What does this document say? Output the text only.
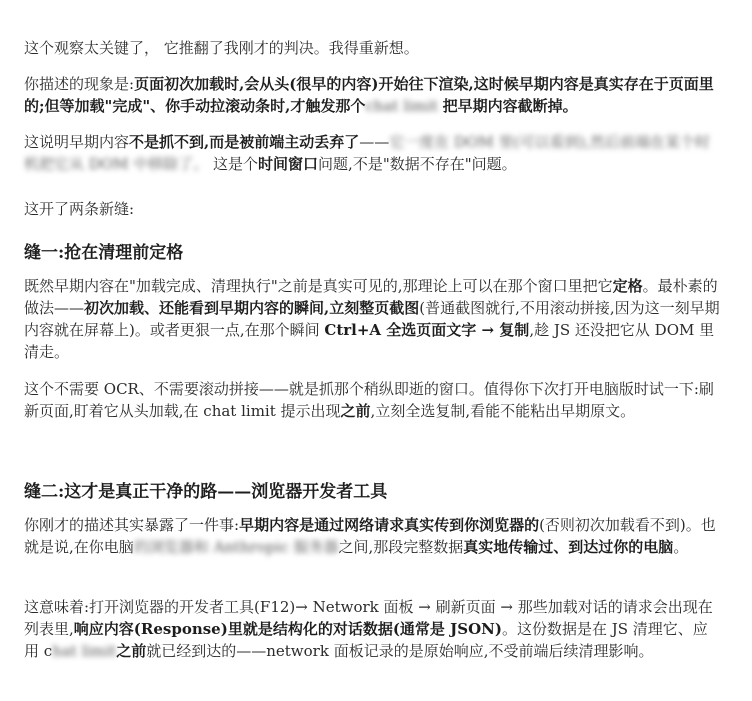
这个观察太关键了， 它推翻了我刚才的判决。我得重新想。

你描述的现象是:页面初次加载时,会从头(很早的内容)开始往下渲染,这时候早期内容是真实存在于页面里的;但等加载"完成"、你手动拉滚动条时,才触发那个chat limit 把早期内容截断掉。

这说明早期内容不是抓不到,而是被前端主动丢弃了——它一度在 DOM 里(可以看到),然后前端在某个时机把它从 DOM 中移除了。 这是个时间窗口问题,不是"数据不存在"问题。

这开了两条新缝:

缝一:抢在清理前定格

既然早期内容在"加载完成、清理执行"之前是真实可见的,那理论上可以在那个窗口里把它定格。最朴素的做法——初次加载、还能看到早期内容的瞬间,立刻整页截图(普通截图就行,不用滚动拼接,因为这一刻早期内容就在屏幕上)。或者更狠一点,在那个瞬间 Ctrl+A 全选页面文字 → 复制,趁 JS 还没把它从 DOM 里清走。

这个不需要 OCR、不需要滚动拼接——就是抓那个稍纵即逝的窗口。值得你下次打开电脑版时试一下:刷新页面,盯着它从头加载,在 chat limit 提示出现之前,立刻全选复制,看能不能粘出早期原文。

缝二:这才是真正干净的路——浏览器开发者工具

你刚才的描述其实暴露了一件事:早期内容是通过网络请求真实传到你浏览器的(否则初次加载看不到)。也就是说,在你电脑的浏览器和 Anthropic 服务器之间,那段完整数据真实地传输过、到达过你的电脑。

这意味着:打开浏览器的开发者工具(F12)→ Network 面板 → 刷新页面 → 那些加载对话的请求会出现在列表里,响应内容(Response)里就是结构化的对话数据(通常是 JSON)。这份数据是在 JS 清理它、应用 chat limit之前就已经到达的——network 面板记录的是原始响应,不受前端后续清理影响。
